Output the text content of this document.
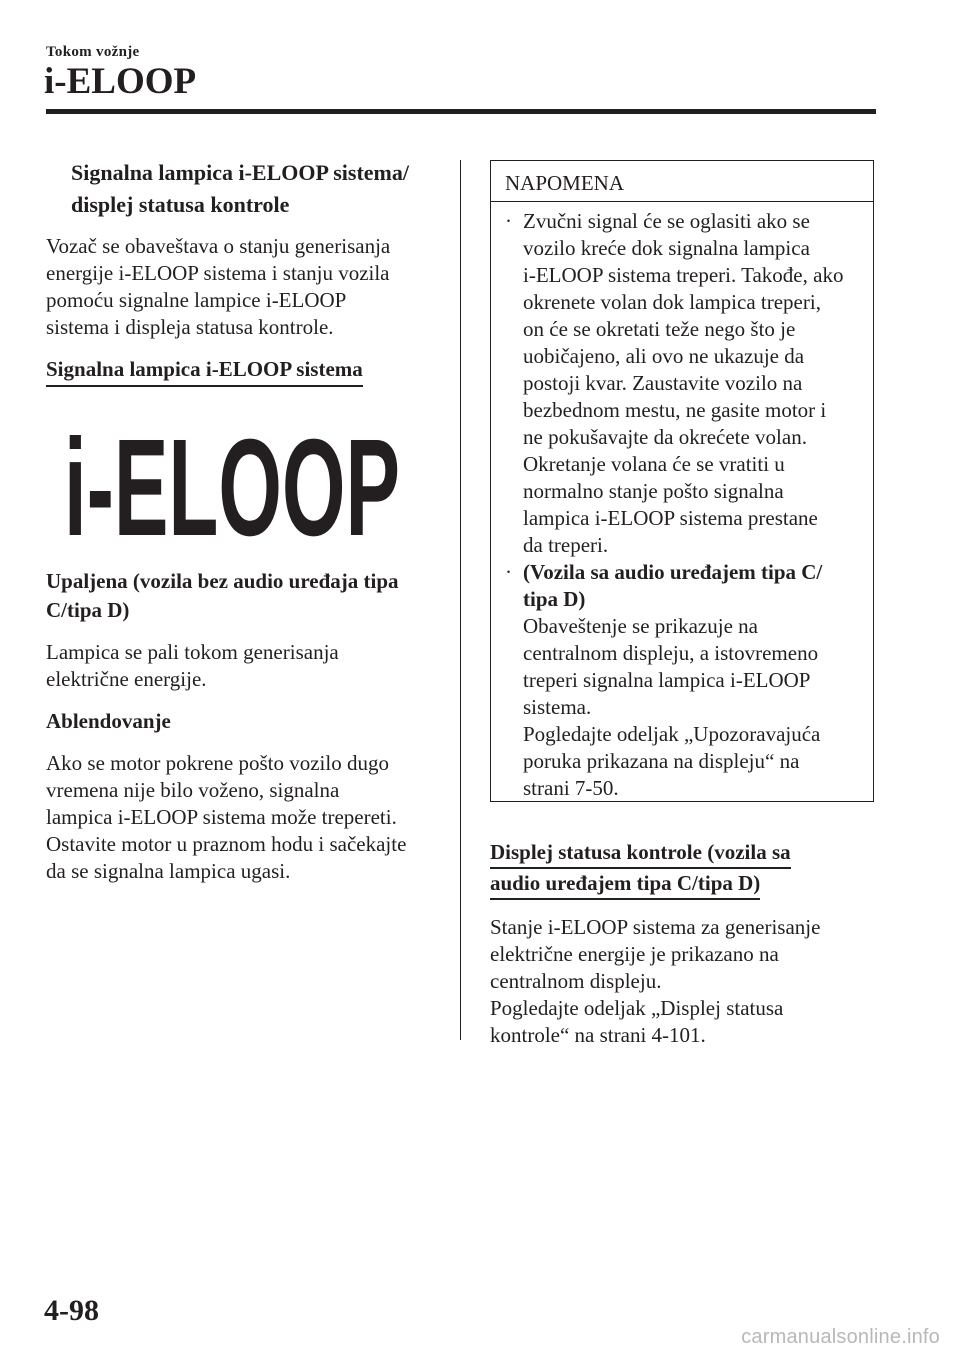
Tokom vožnje
i-ELOOP
Signalna lampica i-ELOOP sistema/
displej statusa kontrole
Vozač se obaveštava o stanju generisanja
energije i-ELOOP sistema i stanju vozila
pomoću signalne lampice i-ELOOP
sistema i displeja statusa kontrole.
Signalna lampica i-ELOOP sistema
i-ELOOP
Upaljena (vozila bez audio uređaja tipa
C/tipa D)
Lampica se pali tokom generisanja
električne energije.
Ablendovanje
Ako se motor pokrene pošto vozilo dugo
vremena nije bilo voženo, signalna
lampica i-ELOOP sistema može trepereti.
Ostavite motor u praznom hodu i sačekajte
da se signalna lampica ugasi.
NAPOMENA
· Zvučni signal će se oglasiti ako se
vozilo kreće dok signalna lampica
i-ELOOP sistema treperi. Takođe, ako
okrenete volan dok lampica treperi,
on će se okretati teže nego što je
uobičajeno, ali ovo ne ukazuje da
postoji kvar. Zaustavite vozilo na
bezbednom mestu, ne gasite motor i
ne pokušavajte da okrećete volan.
Okretanje volana će se vratiti u
normalno stanje pošto signalna
lampica i-ELOOP sistema prestane
da treperi.
· (Vozila sa audio uređajem tipa C/
tipa D)
Obaveštenje se prikazuje na
centralnom displeju, a istovremeno
treperi signalna lampica i-ELOOP
sistema.
Pogledajte odeljak „Upozoravajuća
poruka prikazana na displeju“ na
strani 7-50.
Displej statusa kontrole (vozila sa
audio uređajem tipa C/tipa D)
Stanje i-ELOOP sistema za generisanje
električne energije je prikazano na
centralnom displeju.
Pogledajte odeljak „Displej statusa
kontrole“ na strani 4-101.
4-98
carmanualsonline.info
